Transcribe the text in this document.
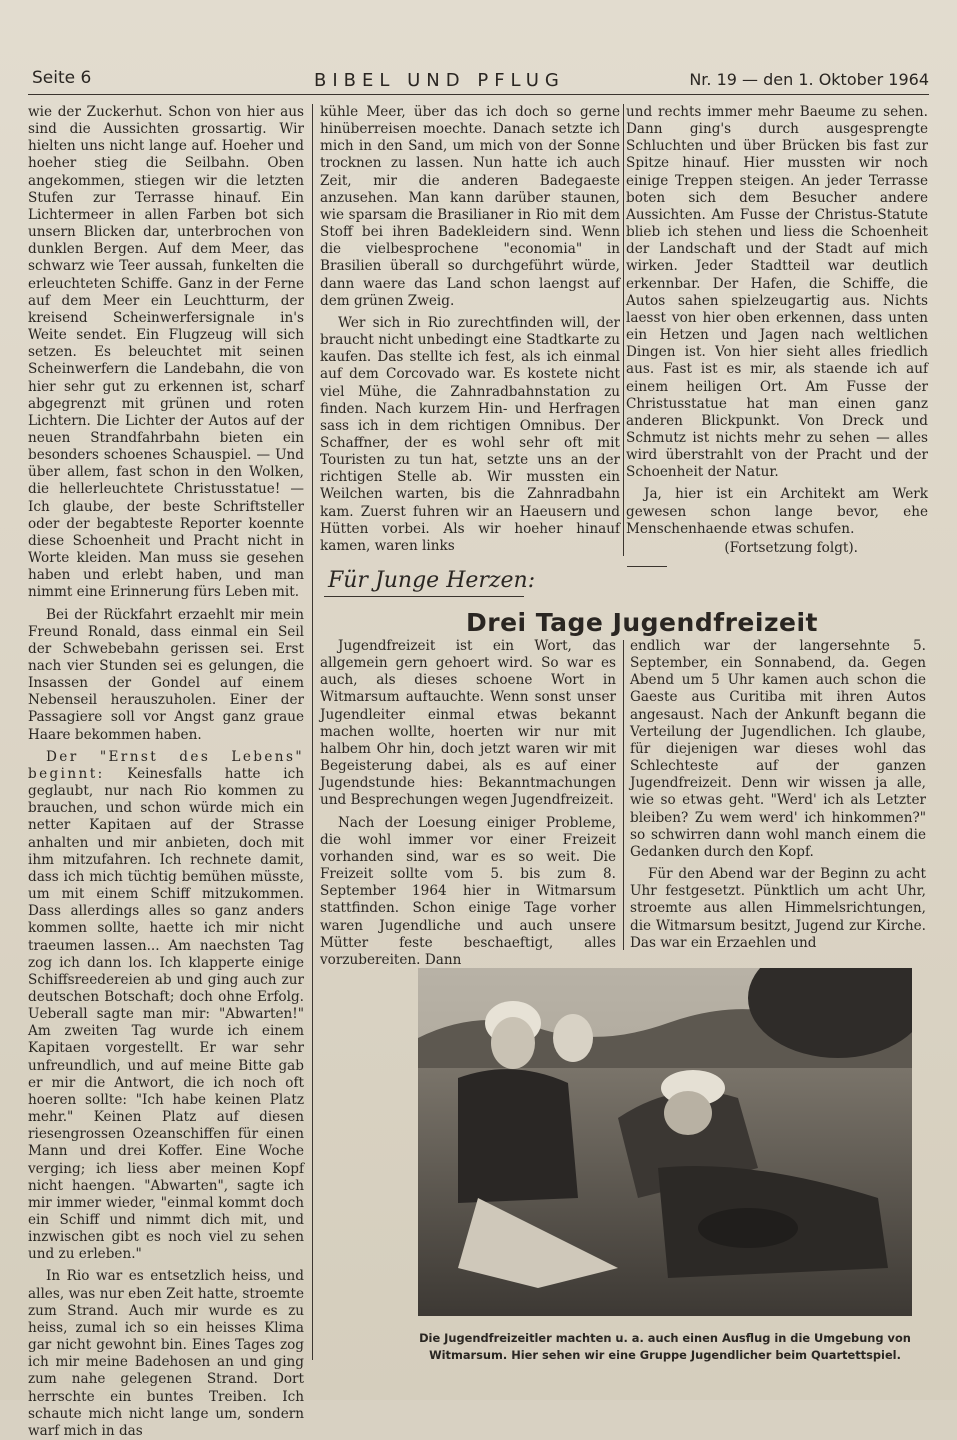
Seite 6	BIBEL UND PFLUG	Nr. 19 — den 1. Oktober 1964

wie der Zuckerhut. Schon von hier aus sind die Aussichten grossartig. Wir hielten uns nicht lange auf. Hoeher und hoeher stieg die Seilbahn. Oben angekommen, stiegen wir die letzten Stufen zur Terrasse hinauf. Ein Lichtermeer in allen Farben bot sich unsern Blicken dar, unterbrochen von dunklen Bergen. Auf dem Meer, das schwarz wie Teer aussah, funkelten die erleuchteten Schiffe. Ganz in der Ferne auf dem Meer ein Leuchtturm, der kreisend Scheinwerfersignale in's Weite sendet. Ein Flugzeug will sich setzen. Es beleuchtet mit seinen Scheinwerfern die Landebahn, die von hier sehr gut zu erkennen ist, scharf abgegrenzt mit grünen und roten Lichtern. Die Lichter der Autos auf der neuen Strandfahrbahn bieten ein besonders schoenes Schauspiel. — Und über allem, fast schon in den Wolken, die hellerleuchtete Christusstatue! — Ich glaube, der beste Schriftsteller oder der begabteste Reporter koennte diese Schoenheit und Pracht nicht in Worte kleiden. Man muss sie gesehen haben und erlebt haben, und man nimmt eine Erinnerung fürs Leben mit.

Bei der Rückfahrt erzaehlt mir mein Freund Ronald, dass einmal ein Seil der Schwebebahn gerissen sei. Erst nach vier Stunden sei es gelungen, die Insassen der Gondel auf einem Nebenseil herauszuholen. Einer der Passagiere soll vor Angst ganz graue Haare bekommen haben.

Der "Ernst des Lebens" beginnt: Keinesfalls hatte ich geglaubt, nur nach Rio kommen zu brauchen, und schon würde mich ein netter Kapitaen auf der Strasse anhalten und mir anbieten, doch mit ihm mitzufahren. Ich rechnete damit, dass ich mich tüchtig bemühen müsste, um mit einem Schiff mitzukommen. Dass allerdings alles so ganz anders kommen sollte, haette ich mir nicht traeumen lassen... Am naechsten Tag zog ich dann los. Ich klapperte einige Schiffsreedereien ab und ging auch zur deutschen Botschaft; doch ohne Erfolg. Ueberall sagte man mir: "Abwarten!" Am zweiten Tag wurde ich einem Kapitaen vorgestellt. Er war sehr unfreundlich, und auf meine Bitte gab er mir die Antwort, die ich noch oft hoeren sollte: "Ich habe keinen Platz mehr." Keinen Platz auf diesen riesengrossen Ozeanschiffen für einen Mann und drei Koffer. Eine Woche verging; ich liess aber meinen Kopf nicht haengen. "Abwarten", sagte ich mir immer wieder, "einmal kommt doch ein Schiff und nimmt dich mit, und inzwischen gibt es noch viel zu sehen und zu erleben."

In Rio war es entsetzlich heiss, und alles, was nur eben Zeit hatte, stroemte zum Strand. Auch mir wurde es zu heiss, zumal ich so ein heisses Klima gar nicht gewohnt bin. Eines Tages zog ich mir meine Badehosen an und ging zum nahe gelegenen Strand. Dort herrschte ein buntes Treiben. Ich schaute mich nicht lange um, sondern warf mich in das

kühle Meer, über das ich doch so gerne hinüberreisen moechte. Danach setzte ich mich in den Sand, um mich von der Sonne trocknen zu lassen. Nun hatte ich auch Zeit, mir die anderen Badegaeste anzusehen. Man kann darüber staunen, wie sparsam die Brasilianer in Rio mit dem Stoff bei ihren Badekleidern sind. Wenn die vielbesprochene "economia" in Brasilien überall so durchgeführt würde, dann waere das Land schon laengst auf dem grünen Zweig.

Wer sich in Rio zurechtfinden will, der braucht nicht unbedingt eine Stadtkarte zu kaufen. Das stellte ich fest, als ich einmal auf dem Corcovado war. Es kostete nicht viel Mühe, die Zahnradbahnstation zu finden. Nach kurzem Hin- und Herfragen sass ich in dem richtigen Omnibus. Der Schaffner, der es wohl sehr oft mit Touristen zu tun hat, setzte uns an der richtigen Stelle ab. Wir mussten ein Weilchen warten, bis die Zahnradbahn kam. Zuerst fuhren wir an Haeusern und Hütten vorbei. Als wir hoeher hinauf kamen, waren links

und rechts immer mehr Baeume zu sehen. Dann ging's durch ausgesprengte Schluchten und über Brücken bis fast zur Spitze hinauf. Hier mussten wir noch einige Treppen steigen. An jeder Terrasse boten sich dem Besucher andere Aussichten. Am Fusse der Christus-Statute blieb ich stehen und liess die Schoenheit der Landschaft und der Stadt auf mich wirken. Jeder Stadtteil war deutlich erkennbar. Der Hafen, die Schiffe, die Autos sahen spielzeugartig aus. Nichts laesst von hier oben erkennen, dass unten ein Hetzen und Jagen nach weltlichen Dingen ist. Von hier sieht alles friedlich aus. Fast ist es mir, als staende ich auf einem heiligen Ort. Am Fusse der Christusstatue hat man einen ganz anderen Blickpunkt. Von Dreck und Schmutz ist nichts mehr zu sehen — alles wird überstrahlt von der Pracht und der Schoenheit der Natur.

Ja, hier ist ein Architekt am Werk gewesen schon lange bevor, ehe Menschenhaende etwas schufen.

(Fortsetzung folgt).
Für Junge Herzen:
Drei Tage Jugendfreizeit

Jugendfreizeit ist ein Wort, das allgemein gern gehoert wird. So war es auch, als dieses schoene Wort in Witmarsum auftauchte. Wenn sonst unser Jugendleiter einmal etwas bekannt machen wollte, hoerten wir nur mit halbem Ohr hin, doch jetzt waren wir mit Begeisterung dabei, als es auf einer Jugendstunde hies: Bekanntmachungen und Besprechungen wegen Jugendfreizeit.

Nach der Loesung einiger Probleme, die wohl immer vor einer Freizeit vorhanden sind, war es so weit. Die Freizeit sollte vom 5. bis zum 8. September 1964 hier in Witmarsum stattfinden. Schon einige Tage vorher waren Jugendliche und auch unsere Mütter feste beschaeftigt, alles vorzubereiten. Dann

endlich war der langersehnte 5. September, ein Sonnabend, da. Gegen Abend um 5 Uhr kamen auch schon die Gaeste aus Curitiba mit ihren Autos angesaust. Nach der Ankunft begann die Verteilung der Jugendlichen. Ich glaube, für diejenigen war dieses wohl das Schlechteste auf der ganzen Jugendfreizeit. Denn wir wissen ja alle, wie so etwas geht. "Werd' ich als Letzter bleiben? Zu wem werd' ich hinkommen?" so schwirren dann wohl manch einem die Gedanken durch den Kopf.

Für den Abend war der Beginn zu acht Uhr festgesetzt. Pünktlich um acht Uhr, stroemte aus allen Himmelsrichtungen, die Witmarsum besitzt, Jugend zur Kirche. Das war ein Erzaehlen und

Die Jugendfreizeitler machten u. a. auch einen Ausflug in die Umgebung von
Witmarsum. Hier sehen wir eine Gruppe Jugendlicher beim Quartettspiel.
